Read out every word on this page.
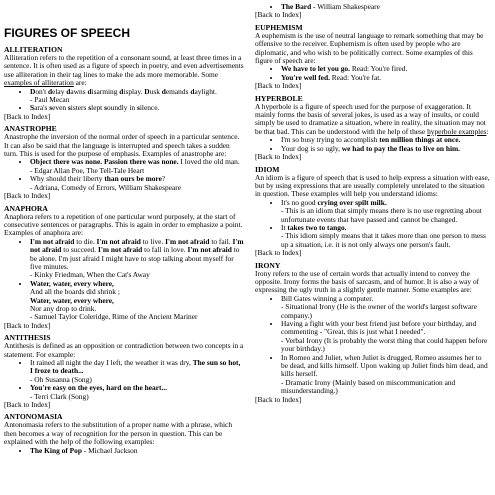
FIGURES OF SPEECH
ALLITERATION

Alliteration refers to the repetition of a consonant sound, at least three times in a sentence. It is often used as a figure of speech in poetry, and even advertisements use alliteration in their tag lines to make the ads more memorable. Some examples of alliteration are:

• Don't delay dawns disarming display. Dusk demands daylight.
- Paul Mecan
• Sara's seven sisters slept soundly in silence.
[Back to Index]
ANASTROPHE

Anastrophe the inversion of the normal order of speech in a particular sentence. It can also be said that the language is interrupted and speech takes a sudden turn. This is used for the purpose of emphasis. Examples of anastrophe are:

• Object there was none. Passion there was none. I loved the old man.
- Edgar Allan Poe, The Tell-Tale Heart
• Why should their liberty than ours be more?
- Adriana, Comedy of Errors, William Shakespeare
[Back to Index]
ANAPHORA

Anaphora refers to a repetition of one particular word purposely, at the start of consecutive sentences or paragraphs. This is again in order to emphasize a point. Examples of anaphora are:

• I'm not afraid to die. I'm not afraid to live. I'm not afraid to fail. I'm not afraid to succeed. I'm not afraid to fall in love. I'm not afraid to be alone. I'm just afraid I might have to stop talking about myself for five minutes.
- Kinky Friedman, When the Cat's Away
• Water, water, every where,
And all the boards did shrink ;
Water, water, every where,
Nor any drop to drink.
- Samuel Taylor Coleridge, Rime of the Ancient Mariner
[Back to Index]
ANTITHESIS

Antithesis is defined as an opposition or contradiction between two concepts in a statement. For example:

• It rained all night the day I left, the weather it was dry, The sun so hot, I froze to death...
- Oh Susanna (Song)
• You're easy on the eyes, hard on the heart...
- Terri Clark (Song)
[Back to Index]
ANTONOMASIA

Antonomasia refers to the substitution of a proper name with a phrase, which then becomes a way of recognition for the person in question. This can be explained with the help of the following examples:

• The King of Pop - Michael Jackson
• The Bard - William Shakespeare
[Back to Index]
EUPHEMISM

A euphemism is the use of neutral language to remark something that may be offensive to the receiver. Euphemism is often used by people who are diplomatic, and who wish to be politically correct. Some examples of this figure of speech are:

• We have to let you go. Read: You're fired.
• You're well fed. Read: You're fat.
[Back to Index]
HYPERBOLE

A hyperbole is a figure of speech used for the purpose of exaggeration. It mainly forms the basis of several jokes, is used as a way of insults, or could simply be used to dramatize a situation, where in reality, the situation may not be that bad. This can be understood with the help of these hyperbole examples:

• I'm so busy trying to accomplish ten million things at once.
• Your dog is so ugly, we had to pay the fleas to live on him.
[Back to Index]
IDIOM

An idiom is a figure of speech that is used to help express a situation with ease, but by using expressions that are usually completely unrelated to the situation in question. These examples will help you understand idioms:

• It's no good crying over spilt milk.
- This is an idiom that simply means there is no use regretting about unfortunate events that have passed and cannot be changed.
• It takes two to tango.
- This idiom simply means that it takes more than one person to mess up a situation, i.e. it is not only always one person's fault.
[Back to Index]
IRONY

Irony refers to the use of certain words that actually intend to convey the opposite. Irony forms the basis of sarcasm, and of humor. It is also a way of expressing the ugly truth in a slightly gentle manner. Some examples are:

• Bill Gates winning a computer.
- Situational Irony (He is the owner of the world's largest software company.)
• Having a fight with your best friend just before your birthday, and commenting - "Great, this is just what I needed".
- Verbal Irony (It is probably the worst thing that could happen before your birthday.)
• In Romeo and Juliet, when Juliet is drugged, Romeo assumes her to be dead, and kills himself. Upon waking up Juliet finds him dead, and kills herself.
- Dramatic Irony (Mainly based on miscommunication and misunderstanding.)
[Back to Index]
